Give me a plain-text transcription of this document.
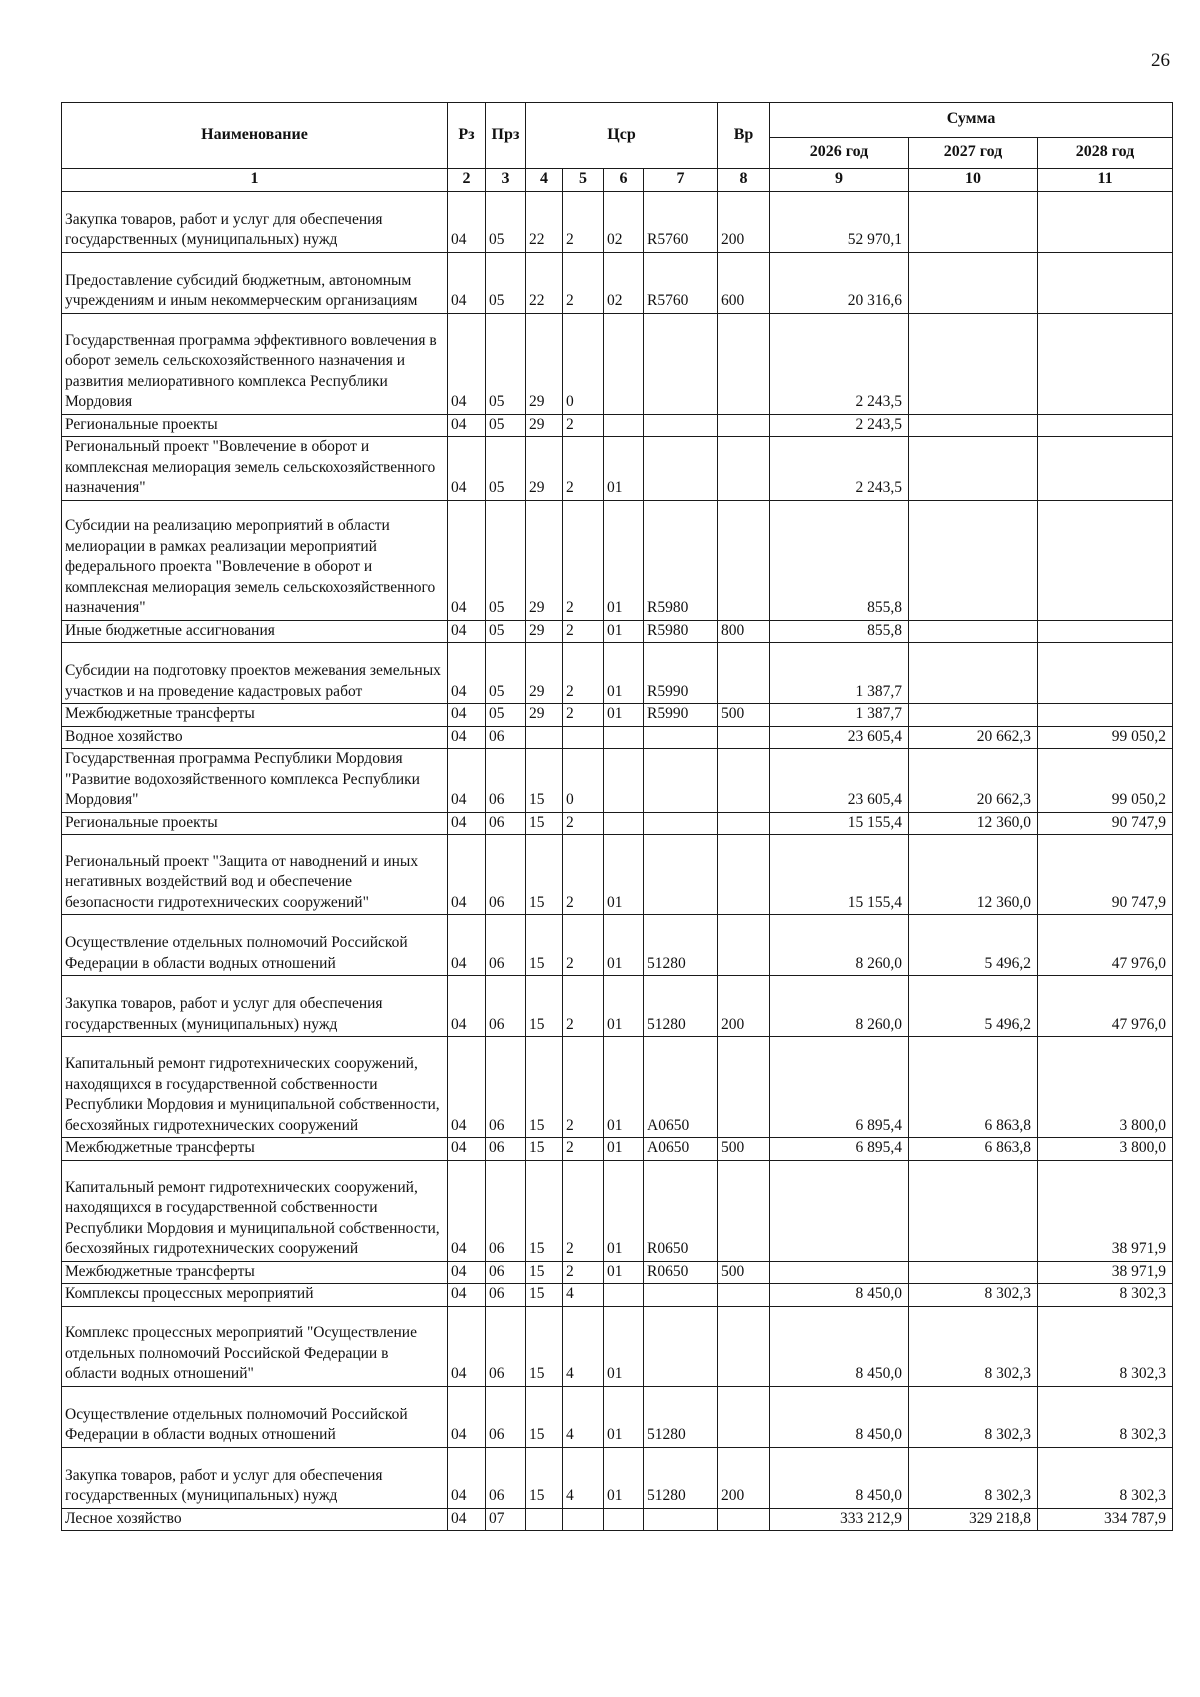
26
Наименование	Рз	Прз	Цср				Вр	Сумма		
								2026 год	2027 год	2028 год
1	2	3	4	5	6	7	8	9	10	11
Закупка товаров, работ и услуг для обеспечения государственных (муниципальных) нужд	04	05	22	2	02	R5760	200	52 970,1		
Предоставление субсидий бюджетным, автономным учреждениям и иным некоммерческим организациям	04	05	22	2	02	R5760	600	20 316,6		
Государственная программа эффективного вовлечения в оборот земель сельскохозяйственного назначения и развития мелиоративного комплекса Республики Мордовия	04	05	29	0				2 243,5		
Региональные проекты	04	05	29	2				2 243,5		
Региональный проект "Вовлечение в оборот и комплексная мелиорация земель сельскохозяйственного назначения"	04	05	29	2	01			2 243,5		
Субсидии на реализацию мероприятий в области мелиорации в рамках реализации мероприятий федерального проекта "Вовлечение в оборот и комплексная мелиорация земель сельскохозяйственного назначения"	04	05	29	2	01	R5980		855,8		
Иные бюджетные ассигнования	04	05	29	2	01	R5980	800	855,8		
Субсидии на подготовку проектов межевания земельных участков и на проведение кадастровых работ	04	05	29	2	01	R5990		1 387,7		
Межбюджетные трансферты	04	05	29	2	01	R5990	500	1 387,7		
Водное хозяйство	04	06						23 605,4	20 662,3	99 050,2
Государственная программа Республики Мордовия "Развитие водохозяйственного комплекса Республики Мордовия"	04	06	15	0				23 605,4	20 662,3	99 050,2
Региональные проекты	04	06	15	2				15 155,4	12 360,0	90 747,9
Региональный проект "Защита от наводнений и иных негативных воздействий вод и обеспечение безопасности гидротехнических сооружений"	04	06	15	2	01			15 155,4	12 360,0	90 747,9
Осуществление отдельных полномочий Российской Федерации в области водных отношений	04	06	15	2	01	51280		8 260,0	5 496,2	47 976,0
Закупка товаров, работ и услуг для обеспечения государственных (муниципальных) нужд	04	06	15	2	01	51280	200	8 260,0	5 496,2	47 976,0
Капитальный ремонт гидротехнических сооружений, находящихся в государственной собственности Республики Мордовия и муниципальной собственности, бесхозяйных гидротехнических сооружений	04	06	15	2	01	А0650		6 895,4	6 863,8	3 800,0
Межбюджетные трансферты	04	06	15	2	01	А0650	500	6 895,4	6 863,8	3 800,0
Капитальный ремонт гидротехнических сооружений, находящихся в государственной собственности Республики Мордовия и муниципальной собственности, бесхозяйных гидротехнических сооружений	04	06	15	2	01	R0650				38 971,9
Межбюджетные трансферты	04	06	15	2	01	R0650	500			38 971,9
Комплексы процессных мероприятий	04	06	15	4				8 450,0	8 302,3	8 302,3
Комплекс процессных мероприятий "Осуществление отдельных полномочий Российской Федерации в области водных отношений"	04	06	15	4	01			8 450,0	8 302,3	8 302,3
Осуществление отдельных полномочий Российской Федерации в области водных отношений	04	06	15	4	01	51280		8 450,0	8 302,3	8 302,3
Закупка товаров, работ и услуг для обеспечения государственных (муниципальных) нужд	04	06	15	4	01	51280	200	8 450,0	8 302,3	8 302,3
Лесное хозяйство	04	07						333 212,9	329 218,8	334 787,9
